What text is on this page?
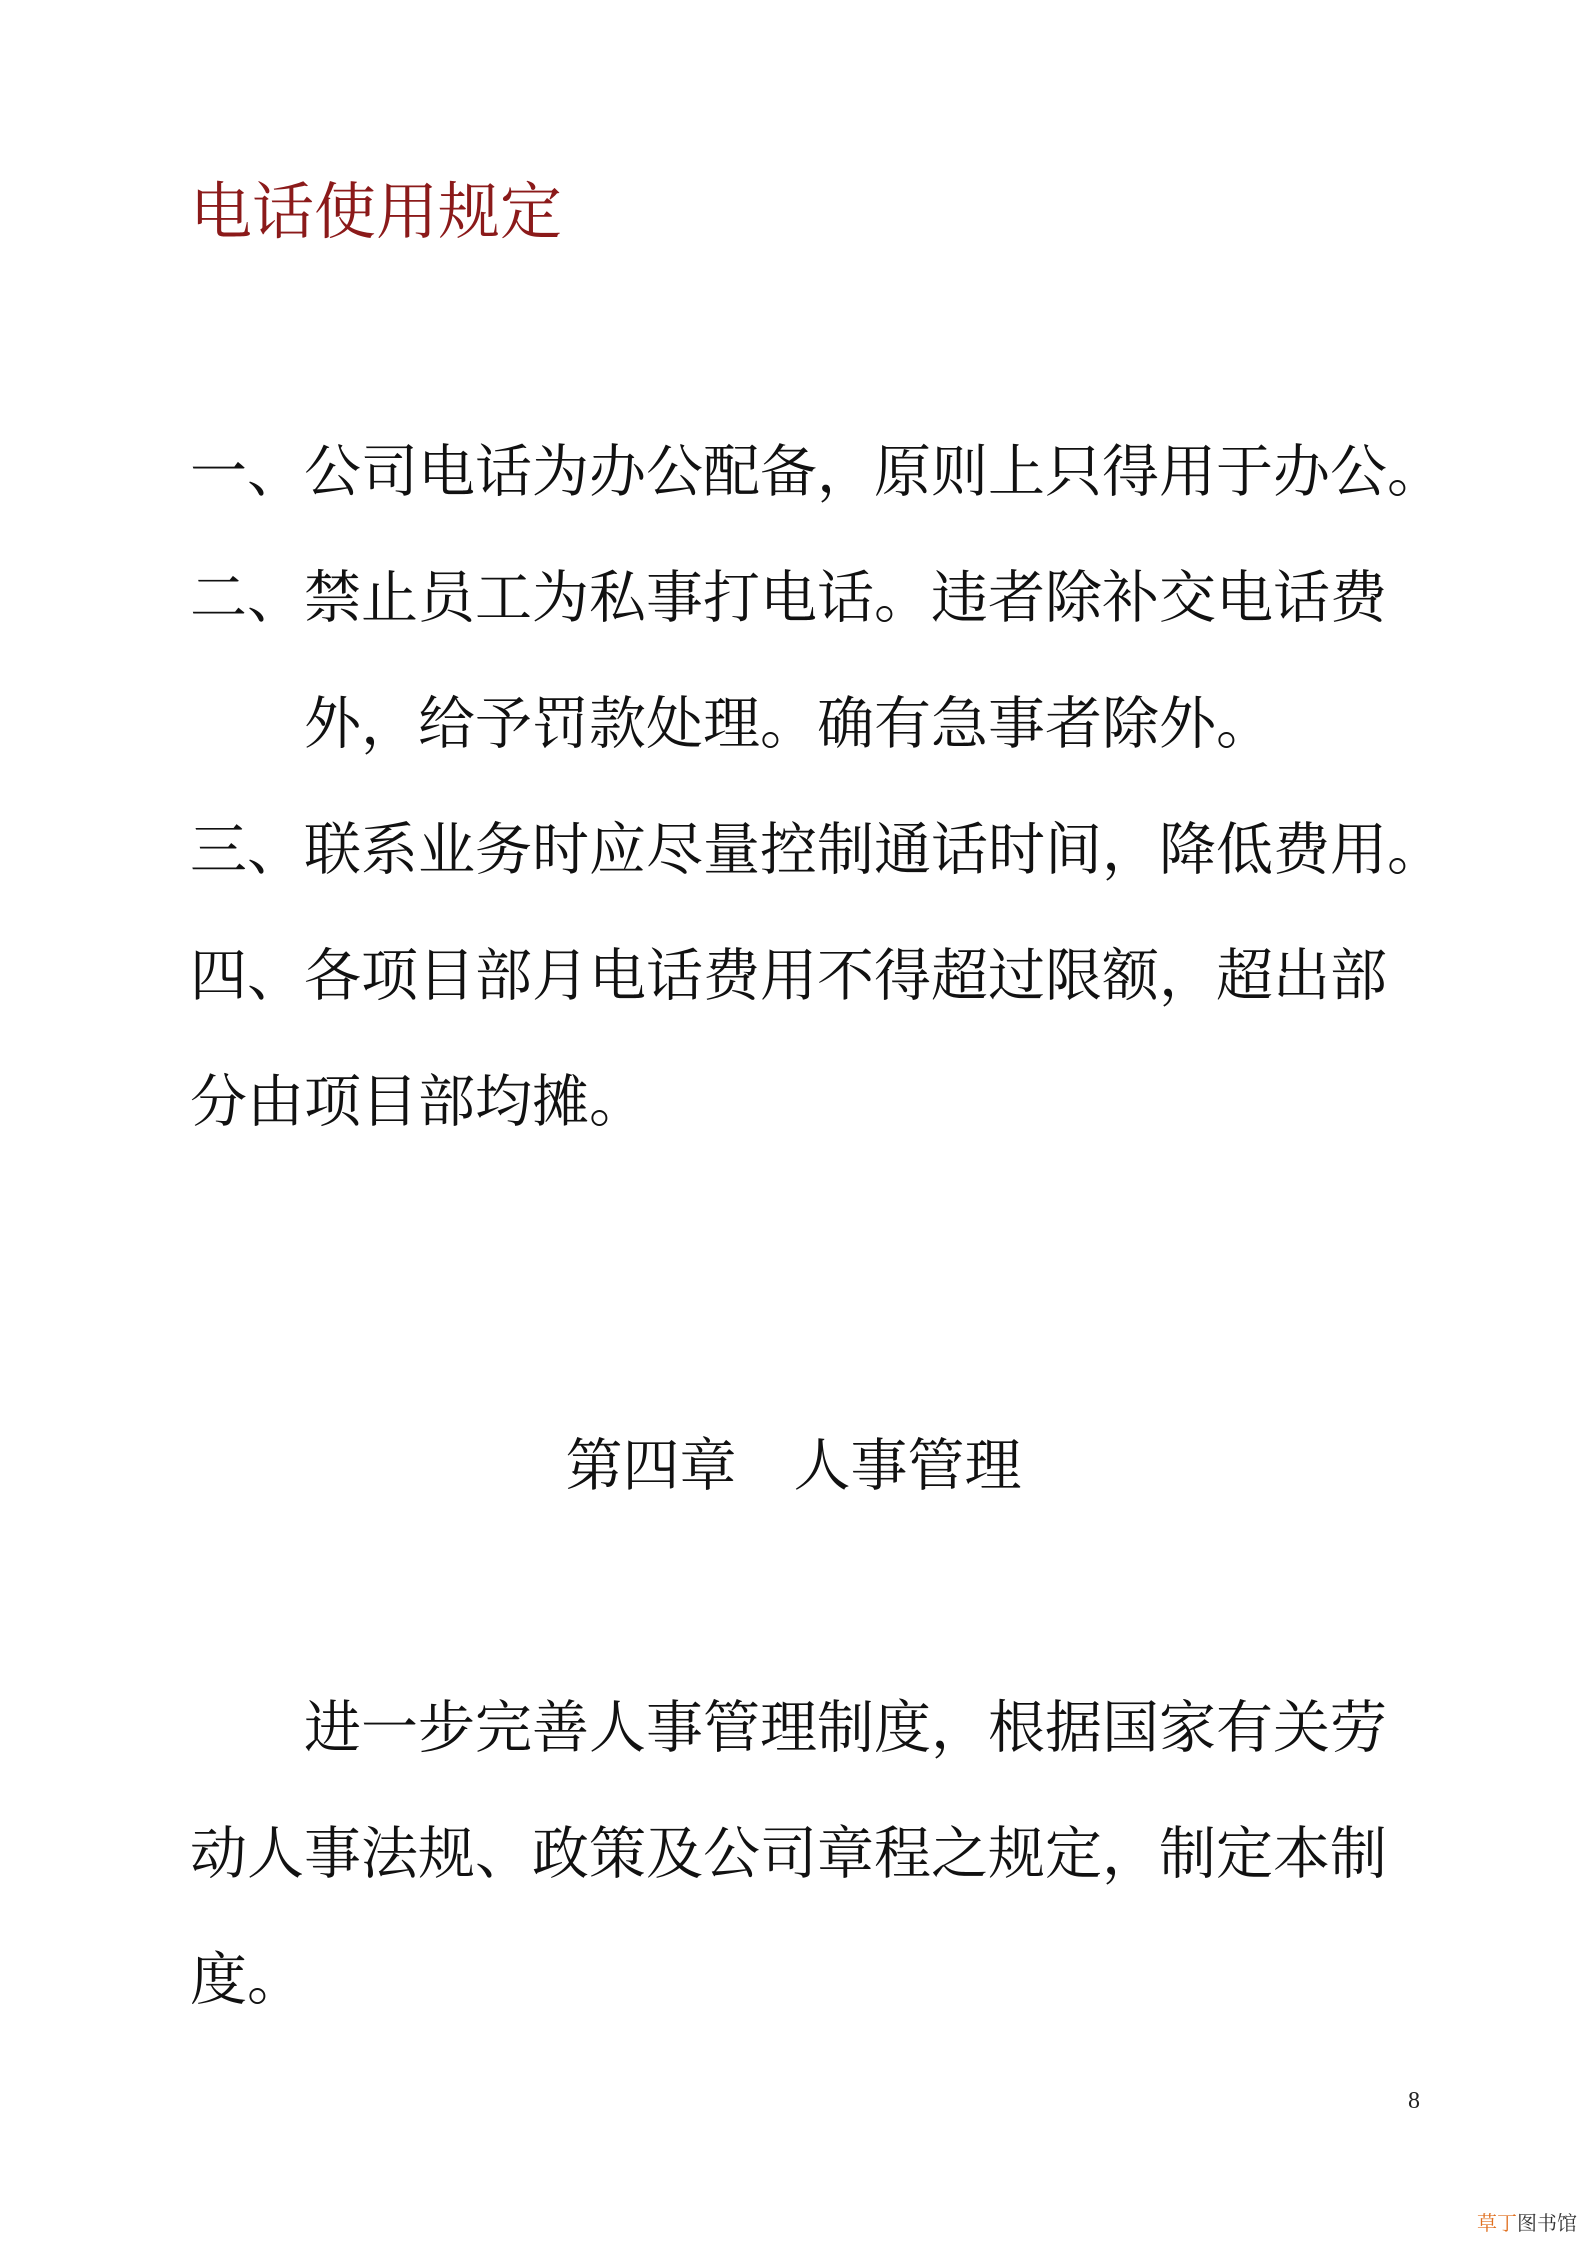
电话使用规定
一、公司电话为办公配备，原则上只得用于办公。
二、禁止员工为私事打电话。违者除补交电话费
外，给予罚款处理。确有急事者除外。
三、联系业务时应尽量控制通话时间，降低费用。
四、各项目部月电话费用不得超过限额，超出部
分由项目部均摊。
第四章　人事管理
进一步完善人事管理制度，根据国家有关劳
动人事法规、政策及公司章程之规定，制定本制
度。
8
草丁图书馆
